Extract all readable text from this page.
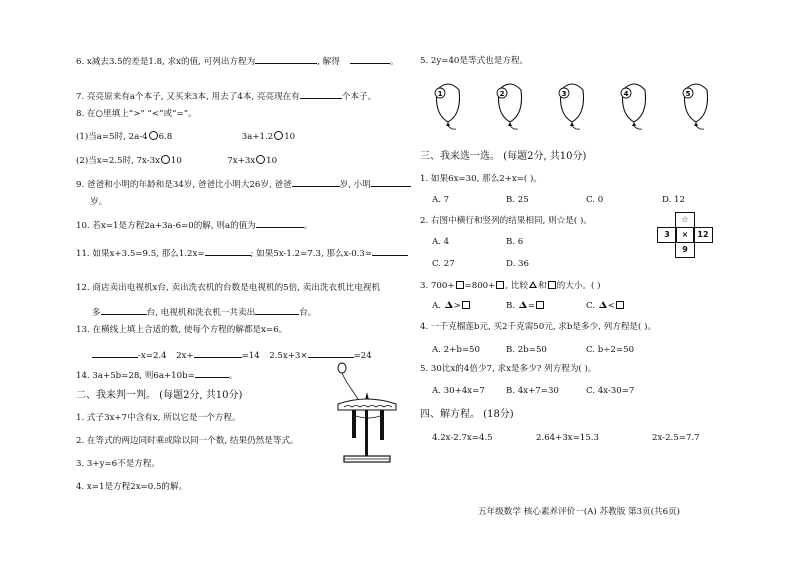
6. x减去3.5的差是1.8, 求x的值, 可列出方程为	, 解得	。
7. 亮亮原来有a个本子, 又买来3本, 用去了4本, 亮亮现在有	个本子。
8. 在○里填上“>” “<”或“=”。
(1)当a=5时, 2a-4 6.8	3a+1.2 10
(2)当x=2.5时, 7x-3x 10	7x+3x 10
9. 爸爸和小明的年龄和是34岁, 爸爸比小明大26岁, 爸爸	岁, 小明
岁。
10. 若x=1是方程2a+3a-6=0的解, 则a的值为	。
11. 如果x+3.5=9.5, 那么1.2x=	; 如果5x-1.2=7.3, 那么x-0.3=
12. 商店卖出电视机x台, 卖出洗衣机的台数是电视机的5倍, 卖出洗衣机比电视机
多	台, 电视机和洗衣机一共卖出	台。
13. 在横线上填上合适的数, 使每个方程的解都是x=6。
-x=2.4 2x+	=14 2.5x+3×	=24
14. 3a+5b=28, 则6a+10b=	。
二、我来判一判。 (每题2分, 共10分)
1. 式子3x+7中含有x, 所以它是一个方程。
2. 在等式的两边同时乘或除以同一个数, 结果仍然是等式。
3. 3+y=6不是方程。
4. x=1是方程2x=0.5的解。
5. 2y=40是等式也是方程。
1	2	3	4	5
三、我来选一选。 (每题2分, 共10分)
1. 如果6x=30, 那么2+x=( )。
A. 7	B. 25	C. 0	D. 12
2. 右图中横行和竖列的结果相同, 则☆是( )。
A. 4	B. 6
C. 27	D. 36
☆
3	×	12
9
3. 700+ =800+ , 比较 和 的大小。( )
A. >	B. =	C. <
4. 一千克榴莲b元, 买2千克需50元, 求b是多少, 列方程是( )。
A. 2+b=50	B. 2b=50	C. b÷2=50
5. 30比x的4倍少7, 求x是多少? 列方程为( )。
A. 30+4x=7 B. 4x+7=30	C. 4x-30=7
四、解方程。 (18分)
4.2x-2.7x=4.5	2.64+3x=15.3	2x-2.5=7.7
五年级数学 核心素养评价一(A) 苏教版 第3页(共6页)
